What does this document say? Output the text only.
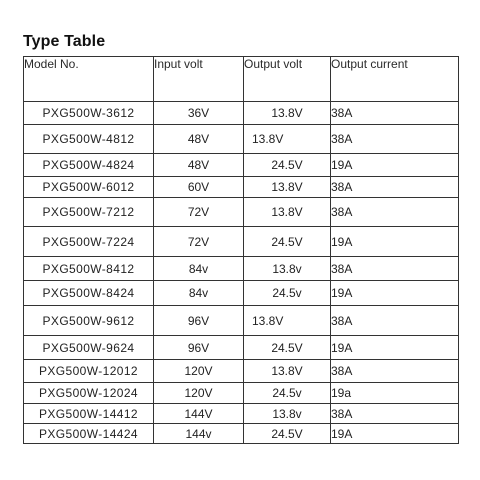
Type Table
Model No.	Input volt	Output volt	Output current
PXG500W-3612	36V	13.8V	38A
PXG500W-4812	48V	13.8V	38A
PXG500W-4824	48V	24.5V	19A
PXG500W-6012	60V	13.8V	38A
PXG500W-7212	72V	13.8V	38A
PXG500W-7224	72V	24.5V	19A
PXG500W-8412	84v	13.8v	38A
PXG500W-8424	84v	24.5v	19A
PXG500W-9612	96V	13.8V	38A
PXG500W-9624	96V	24.5V	19A
PXG500W-12012	120V	13.8V	38A
PXG500W-12024	120V	24.5v	19a
PXG500W-14412	144V	13.8v	38A
PXG500W-14424	144v	24.5V	19A
